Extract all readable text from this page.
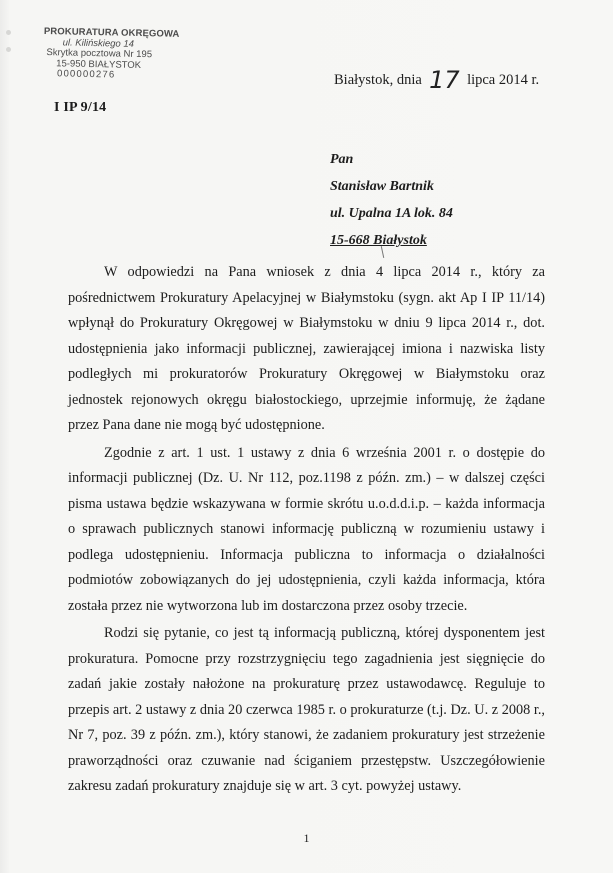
PROKURATURA OKRĘGOWA
ul. Kilińskiego 14
Skrytka pocztowa Nr 195
15-950 BIAŁYSTOK
000000276
I IP 9/14
Białystok, dnia 17 lipca 2014 r.
Pan
Stanisław Bartnik
ul. Upalna 1A lok. 84
15-668 Białystok

W odpowiedzi na Pana wniosek z dnia 4 lipca 2014 r., który za pośrednictwem Prokuratury Apelacyjnej w Białymstoku (sygn. akt Ap I IP 11/14) wpłynął do Prokuratury Okręgowej w Białymstoku w dniu 9 lipca 2014 r., dot. udostępnienia jako informacji publicznej, zawierającej imiona i nazwiska listy podległych mi prokuratorów Prokuratury Okręgowej w Białymstoku oraz jednostek rejonowych okręgu białostockiego, uprzejmie informuję, że żądane przez Pana dane nie mogą być udostępnione.

Zgodnie z art. 1 ust. 1 ustawy z dnia 6 września 2001 r. o dostępie do informacji publicznej (Dz. U. Nr 112, poz.1198 z późn. zm.) – w dalszej części pisma ustawa będzie wskazywana w formie skrótu u.o.d.d.i.p. – każda informacja o sprawach publicznych stanowi informację publiczną w rozumieniu ustawy i podlega udostępnieniu. Informacja publiczna to informacja o działalności podmiotów zobowiązanych do jej udostępnienia, czyli każda informacja, która została przez nie wytworzona lub im dostarczona przez osoby trzecie.

Rodzi się pytanie, co jest tą informacją publiczną, której dysponentem jest prokuratura. Pomocne przy rozstrzygnięciu tego zagadnienia jest sięgnięcie do zadań jakie zostały nałożone na prokuraturę przez ustawodawcę. Reguluje to przepis art. 2 ustawy z dnia 20 czerwca 1985 r. o prokuraturze (t.j. Dz. U. z 2008 r., Nr 7, poz. 39 z późn. zm.), który stanowi, że zadaniem prokuratury jest strzeżenie praworządności oraz czuwanie nad ściganiem przestępstw. Uszczegółowienie zakresu zadań prokuratury znajduje się w art. 3 cyt. powyżej ustawy.

1
